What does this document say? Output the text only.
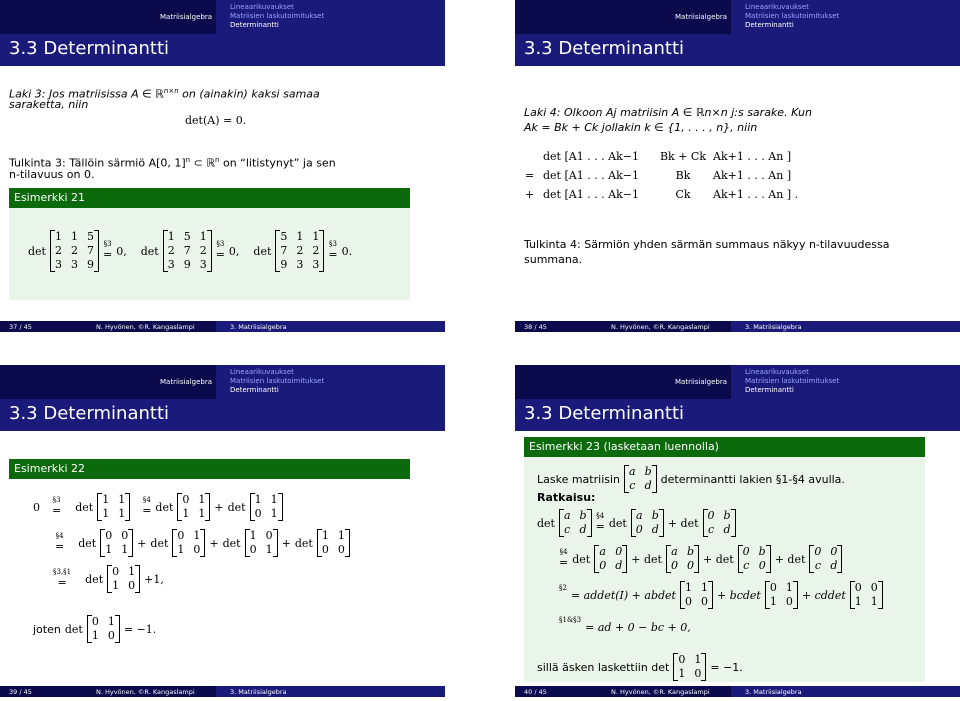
Matriisialgebra
Lineaarikuvaukset
Matriisien laskutoimitukset
Determinantti
3.3 Determinantti
Laki 3: Jos matriisissa A ∈ ℝ$^{n\times n}$ on (ainakin) kaksi samaa
saraketta, niin
det(A) = 0.
Tulkinta 3: Tällöin särmiö A[0, 1]$^n$ ⊂ ℝ$^n$ on “litistynyt” ja sen
n-tilavuus on 0.
Esimerkki 21
det
1 1 5
2 2 7
3 3 9
§3
= 0, det
1 5 1
2 7 2
3 9 3
§3
= 0, det
5 1 1
7 2 2
9 3 3
§3
= 0.
37 / 45	N. Hyvönen, ©R. Kangaslampi	3. Matriisialgebra
Matriisialgebra
Lineaarikuvaukset
Matriisien laskutoimitukset
Determinantti
3.3 Determinantti
Laki 4: Olkoon Aj matriisin A ∈ ℝn×n j:s sarake. Kun
Ak = Bk + Ck jollakin k ∈ {1, . . . , n}, niin
det [A1 . . . Ak−1	Bk + Ck Ak+1 . . . An ]
= det [A1 . . . Ak−1	Bk	Ak+1 . . . An ]
+ det [A1 . . . Ak−1	Ck	Ak+1 . . . An ] .
Tulkinta 4: Särmiön yhden särmän summaus näkyy n-tilavuudessa
summana.
38 / 45	N. Hyvönen, ©R. Kangaslampi	3. Matriisialgebra
Matriisialgebra
Lineaarikuvaukset
Matriisien laskutoimitukset
Determinantti
3.3 Determinantti
Esimerkki 22
0
§3
= det
1 1
1 1
§4
= det
0 1
1 1 + det
1 1
0 1
§4
= det
0 0
1 1 + det
0 1
1 0 + det
1 0
0 1 + det
1 1
0 0
§3,§1
=	det
0 1
1 0 +1,
joten det
0 1
1 0 = −1.
39 / 45	N. Hyvönen, ©R. Kangaslampi	3. Matriisialgebra
Matriisialgebra
Lineaarikuvaukset
Matriisien laskutoimitukset
Determinantti
3.3 Determinantti
Esimerkki 23 (lasketaan luennolla)
Laske matriisin
a b
c d determinantti lakien §1-§4 avulla.
Ratkaisu:
det
a b
c d
§4
= det
a b
0 d + det
0 b
c d
§4
= det
a 0
0 d + det
a b
0 0 + det
0 b
c 0 + det
0 0
c d
§2
= addet(I) + abdet
1 1
0 0 + bcdet
0 1
1 0 + cddet
0 0
1 1
§1&§3
= ad + 0 − bc + 0,
sillä äsken laskettiin det
0 1
1 0 = −1.
40 / 45	N. Hyvönen, ©R. Kangaslampi	3. Matriisialgebra
